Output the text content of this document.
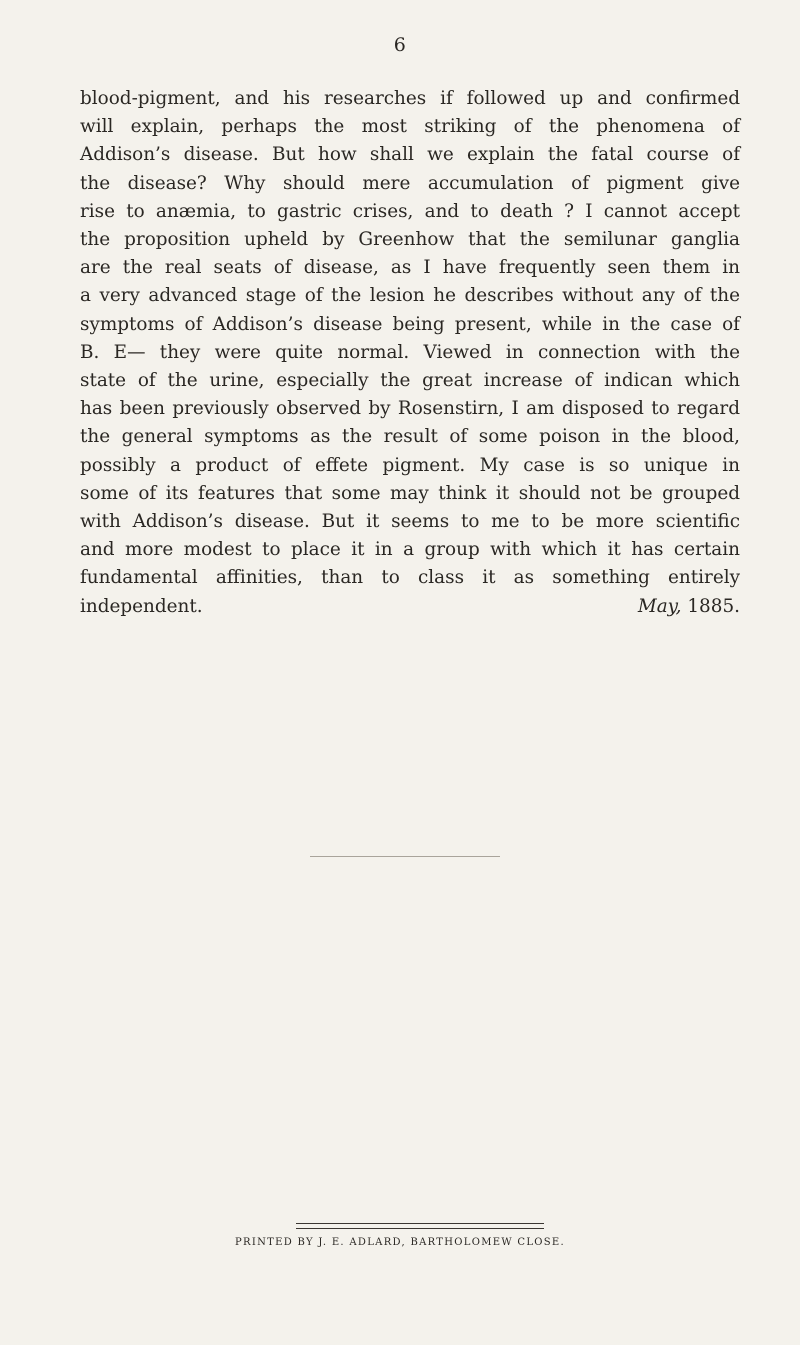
6
blood-pigment, and his researches if followed up and confirmed
will explain, perhaps the most striking of the phenomena of
Addison’s disease. But how shall we explain the fatal course of
the disease? Why should mere accumulation of pigment give
rise to anæmia, to gastric crises, and to death ? I cannot accept
the proposition upheld by Greenhow that the semilunar ganglia
are the real seats of disease, as I have frequently seen them in
a very advanced stage of the lesion he describes without any of the
symptoms of Addison’s disease being present, while in the case of
B. E— they were quite normal. Viewed in connection with the
state of the urine, especially the great increase of indican which
has been previously observed by Rosenstirn, I am disposed to regard
the general symptoms as the result of some poison in the blood,
possibly a product of effete pigment. My case is so unique in
some of its features that some may think it should not be grouped
with Addison’s disease. But it seems to me to be more scientific
and more modest to place it in a group with which it has certain
fundamental affinities, than to class it as something entirely
independent.	May, 1885.
PRINTED BY J. E. ADLARD, BARTHOLOMEW CLOSE.
